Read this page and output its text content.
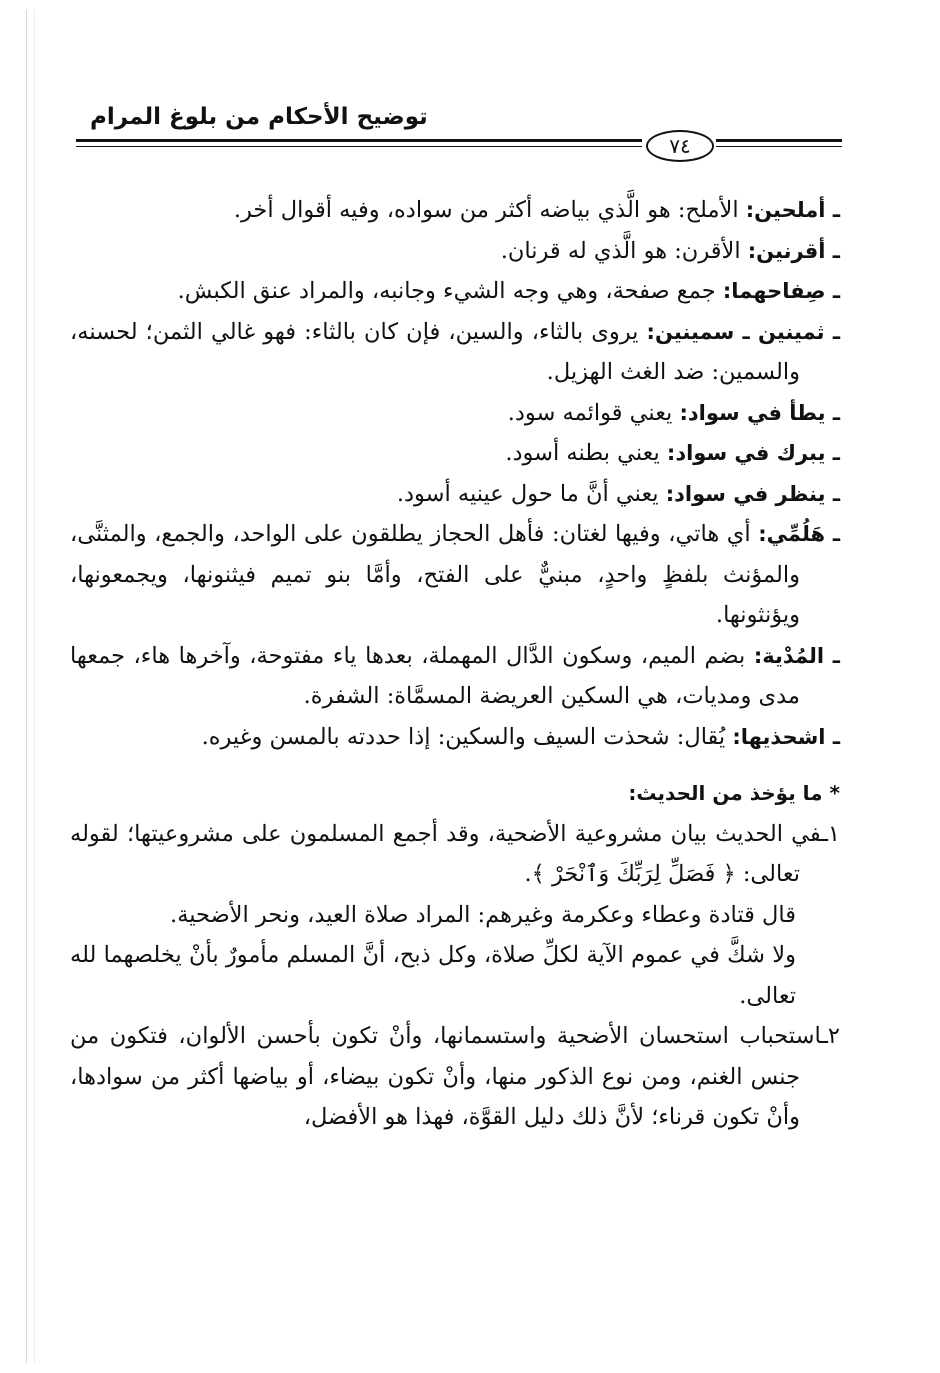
توضيح الأحكام من بلوغ المرام
٧٤

ـ أملحين: الأملح: هو الَّذي بياضه أكثر من سواده، وفيه أقوال أخر.

ـ أقرنين: الأقرن: هو الَّذي له قرنان.

ـ صِفاحهما: جمع صفحة، وهي وجه الشيء وجانبه، والمراد عنق الكبش.

ـ ثمينين ـ سمينين: يروى بالثاء، والسين، فإن كان بالثاء: فهو غالي الثمن؛ لحسنه، والسمين: ضد الغث الهزيل.

ـ يطأ في سواد: يعني قوائمه سود.

ـ يبرك في سواد: يعني بطنه أسود.

ـ ينظر في سواد: يعني أنَّ ما حول عينيه أسود.

ـ هَلُمِّي: أي هاتي، وفيها لغتان: فأهل الحجاز يطلقون على الواحد، والجمع، والمثنَّى، والمؤنث بلفظٍ واحدٍ، مبنيٌّ على الفتح، وأمَّا بنو تميم فيثنونها، ويجمعونها، ويؤنثونها.

ـ المُدْية: بضم الميم، وسكون الدَّال المهملة، بعدها ياء مفتوحة، وآخرها هاء، جمعها مدى ومديات، هي السكين العريضة المسمَّاة: الشفرة.

ـ اشحذيها: يُقال: شحذت السيف والسكين: إذا حددته بالمسن وغيره.

* ما يؤخذ من الحديث:

١ـفي الحديث بيان مشروعية الأضحية، وقد أجمع المسلمون على مشروعيتها؛ لقوله تعالى: ﴿ فَصَلِّ لِرَبِّكَ وَٱنْحَرْ ﴾.

قال قتادة وعطاء وعكرمة وغيرهم: المراد صلاة العيد، ونحر الأضحية.

ولا شكَّ في عموم الآية لكلِّ صلاة، وكل ذبح، أنَّ المسلم مأمورٌ بأنْ يخلصهما لله تعالى.

٢ـاستحباب استحسان الأضحية واستسمانها، وأنْ تكون بأحسن الألوان، فتكون من جنس الغنم، ومن نوع الذكور منها، وأنْ تكون بيضاء، أو بياضها أكثر من سوادها، وأنْ تكون قرناء؛ لأنَّ ذلك دليل القوَّة، فهذا هو الأفضل،
